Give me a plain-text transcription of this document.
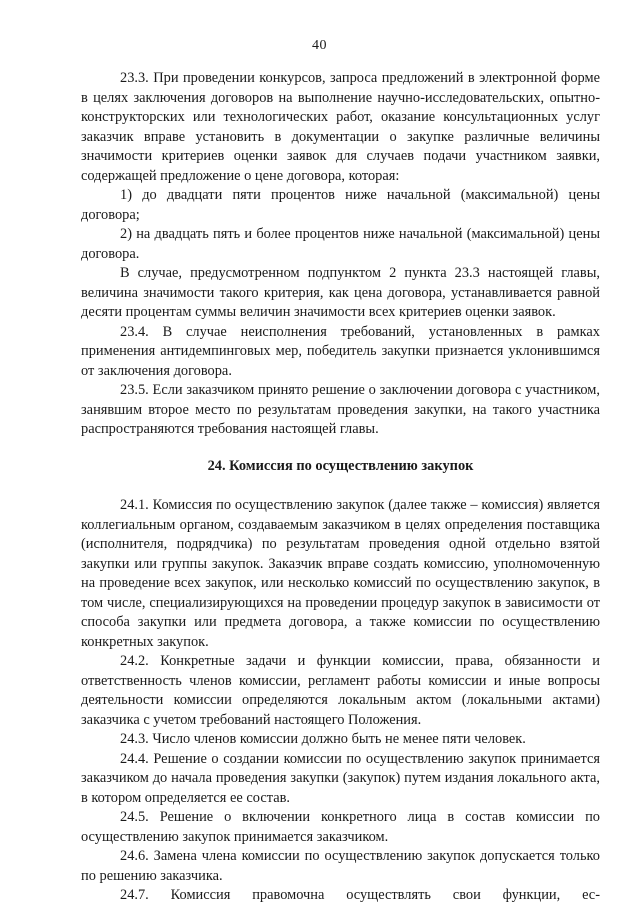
40

23.3. При проведении конкурсов, запроса предложений в электронной форме в целях заключения договоров на выполнение научно-исследовательских, опытно-конструкторских или технологических работ, оказание консультационных услуг заказчик вправе установить в документации о закупке различные величины значимости критериев оценки заявок для случаев подачи участником заявки, содержащей предложение о цене договора, которая:

1) до двадцати пяти процентов ниже начальной (максимальной) цены договора;

2) на двадцать пять и более процентов ниже начальной (максимальной) цены договора.

В случае, предусмотренном подпунктом 2 пункта 23.3 настоящей главы, величина значимости такого критерия, как цена договора, устанавливается равной десяти процентам суммы величин значимости всех критериев оценки заявок.

23.4. В случае неисполнения требований, установленных в рамках применения антидемпинговых мер, победитель закупки признается уклонившимся от заключения договора.

23.5. Если заказчиком принято решение о заключении договора с участником, занявшим второе место по результатам проведения закупки, на такого участника распространяются требования настоящей главы.

24. Комиссия по осуществлению закупок

24.1. Комиссия по осуществлению закупок (далее также – комиссия) является коллегиальным органом, создаваемым заказчиком в целях определения поставщика (исполнителя, подрядчика) по результатам проведения одной отдельно взятой закупки или группы закупок. Заказчик вправе создать комиссию, уполномоченную на проведение всех закупок, или несколько комиссий по осуществлению закупок, в том числе, специализирующихся на проведении процедур закупок в зависимости от способа закупки или предмета договора, а также комиссии по осуществлению конкретных закупок.

24.2. Конкретные задачи и функции комиссии, права, обязанности и ответственность членов комиссии, регламент работы комиссии и иные вопросы деятельности комиссии определяются локальным актом (локальными актами) заказчика с учетом требований настоящего Положения.

24.3. Число членов комиссии должно быть не менее пяти человек.

24.4. Решение о создании комиссии по осуществлению закупок принимается заказчиком до начала проведения закупки (закупок) путем издания локального акта, в котором определяется ее состав.

24.5. Решение о включении конкретного лица в состав комиссии по осуществлению закупок принимается заказчиком.

24.6. Замена члена комиссии по осуществлению закупок допускается только по решению заказчика.

24.7. Комиссия правомочна осуществлять свои функции, ес-
